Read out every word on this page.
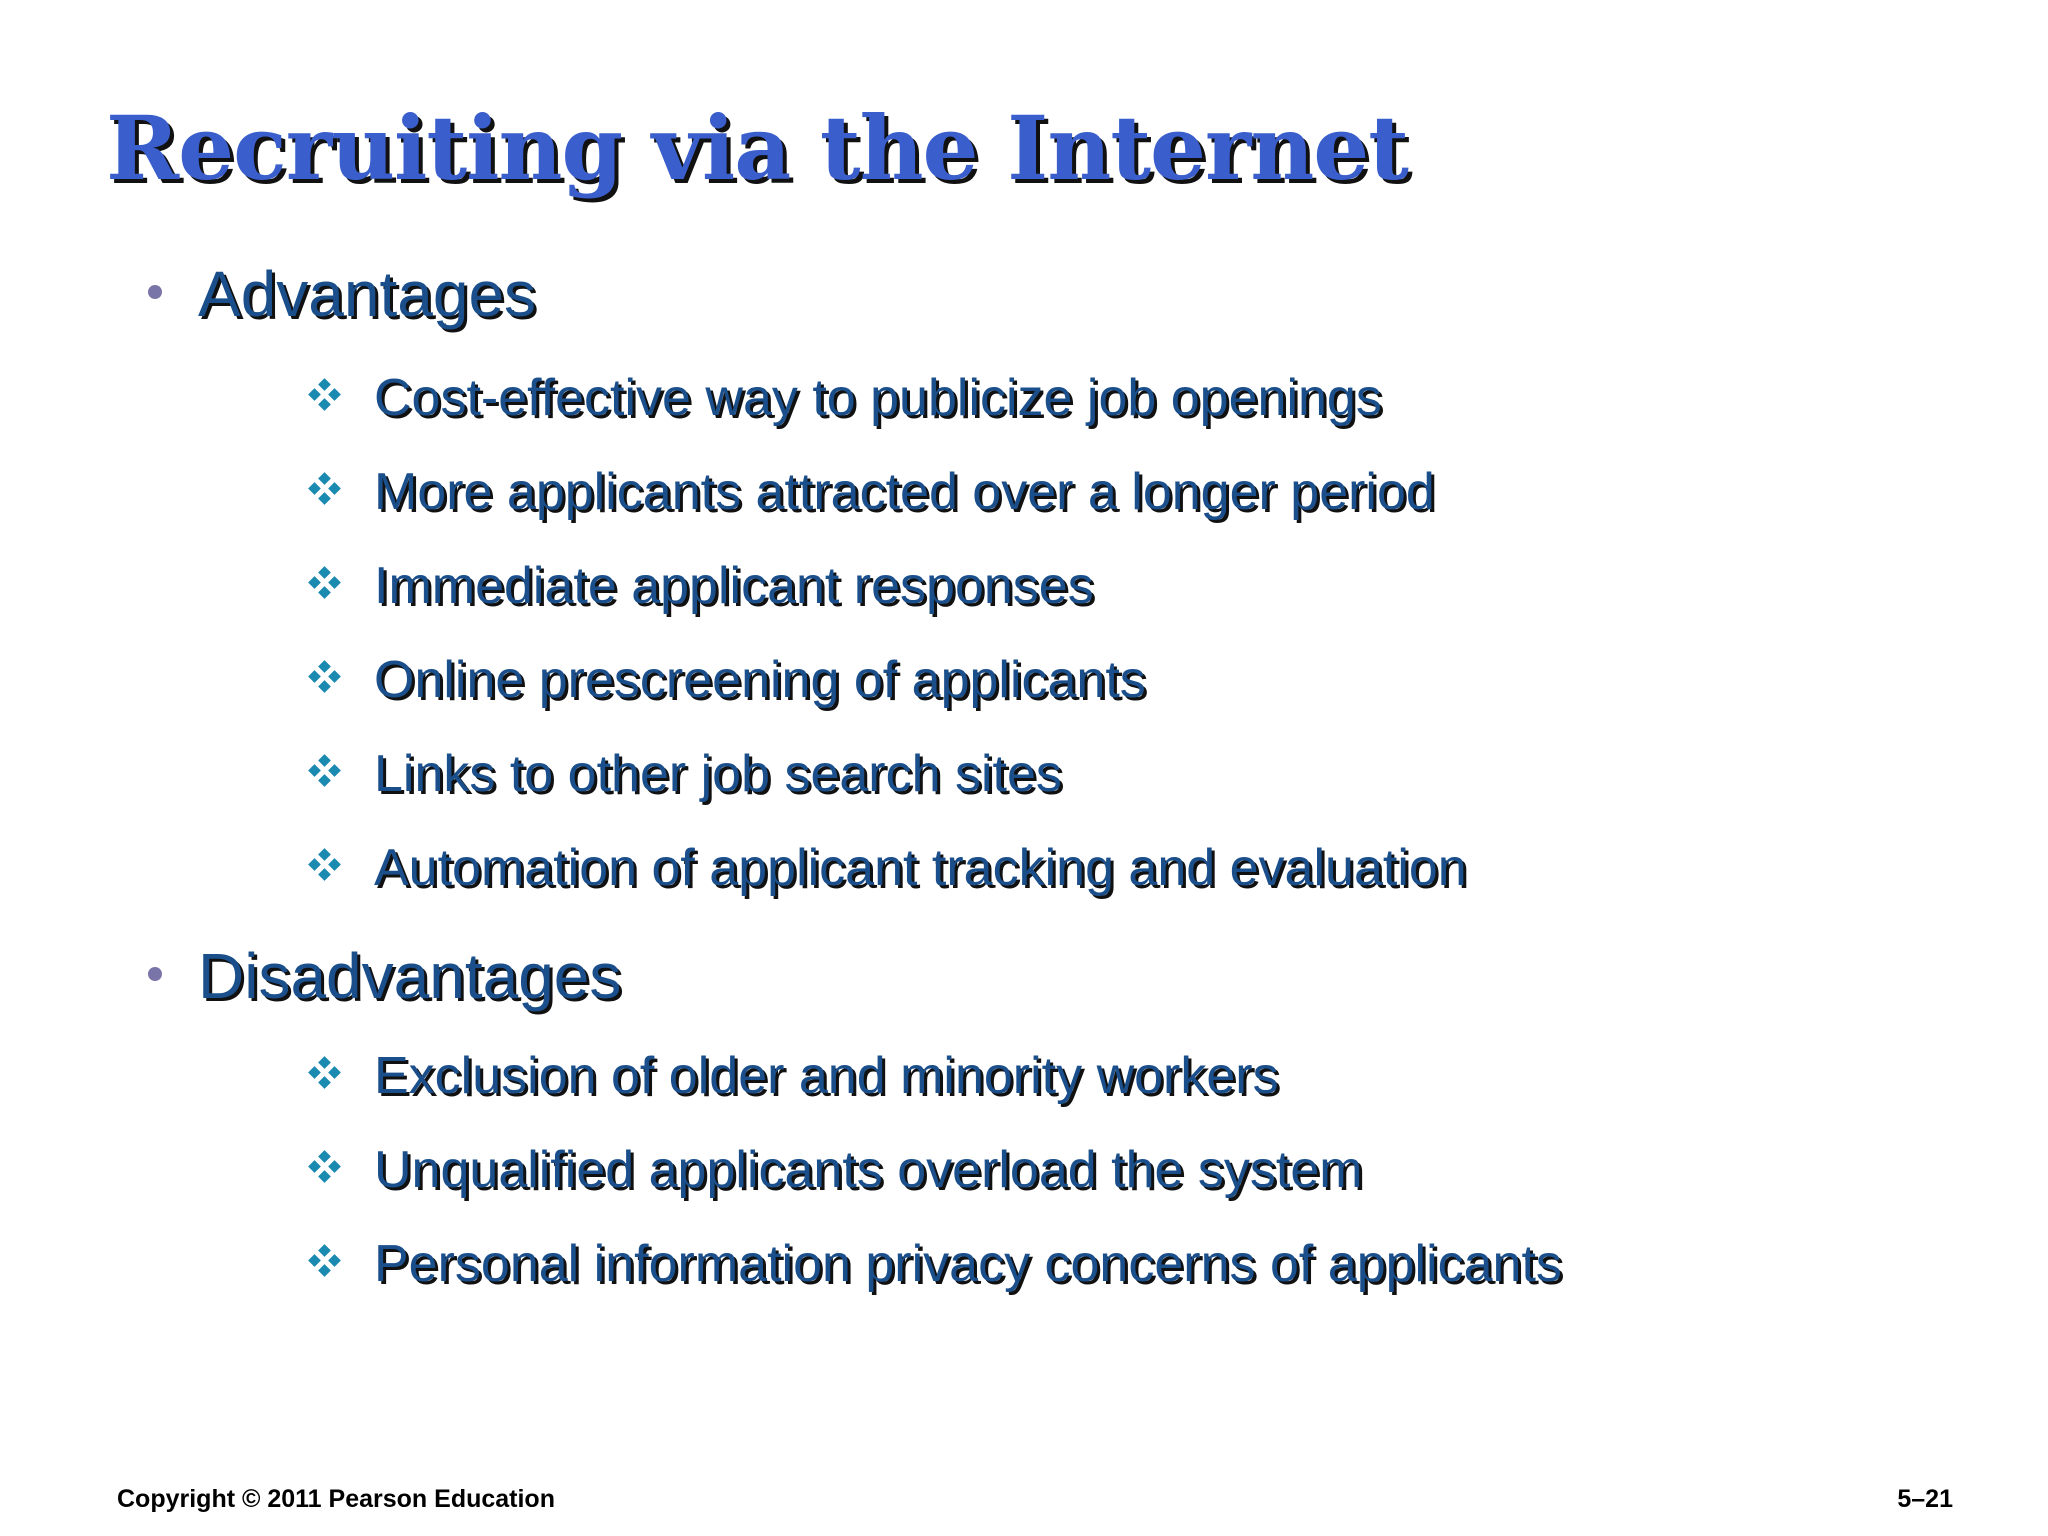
Recruiting via the Internet
Advantages
Cost-effective way to publicize job openings
More applicants attracted over a longer period
Immediate applicant responses
Online prescreening of applicants
Links to other job search sites
Automation of applicant tracking and evaluation
Disadvantages
Exclusion of older and minority workers
Unqualified applicants overload the system
Personal information privacy concerns of applicants
Copyright © 2011 Pearson Education	5–21
